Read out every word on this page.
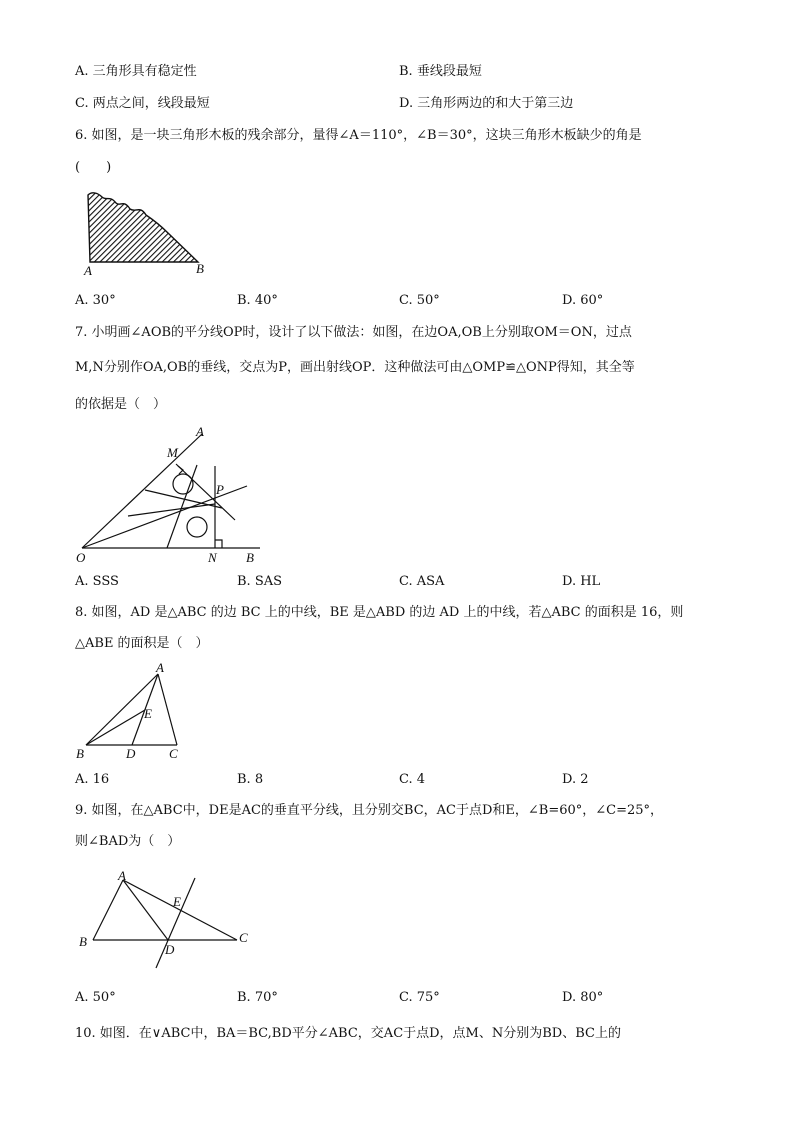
A. 三角形具有稳定性	B. 垂线段最短
C. 两点之间，线段最短	D. 三角形两边的和大于第三边
6. 如图，是一块三角形木板的残余部分，量得∠A＝110°，∠B＝30°，这块三角形木板缺少的角是
(　　)
A	B
A. 30°	B. 40°	C. 50°	D. 60°
7. 小明画∠AOB的平分线OP时，设计了以下做法：如图，在边OA,OB上分别取OM＝ON，过点
M,N分别作OA,OB的垂线，交点为P，画出射线OP．这种做法可由△OMP≌△ONP得知，其全等
的依据是（　）
A
M
P
O	N B
A. SSS	B. SAS	C. ASA	D. HL
8. 如图，AD 是△ABC 的边 BC 上的中线，BE 是△ABD 的边 AD 上的中线，若△ABC 的面积是 16，则
△ABE 的面积是（　）
A
E
B	D	C
A. 16	B. 8	C. 4	D. 2
9. 如图，在△ABC中，DE是AC的垂直平分线，且分别交BC，AC于点D和E，∠B=60°，∠C=25°，
则∠BAD为（　）
A
E
B
D
C
A. 50°	B. 70°	C. 75°	D. 80°
10. 如图．在∨ABC中，BA＝BC,BD平分∠ABC，交AC于点D，点M、N分别为BD、BC上的
